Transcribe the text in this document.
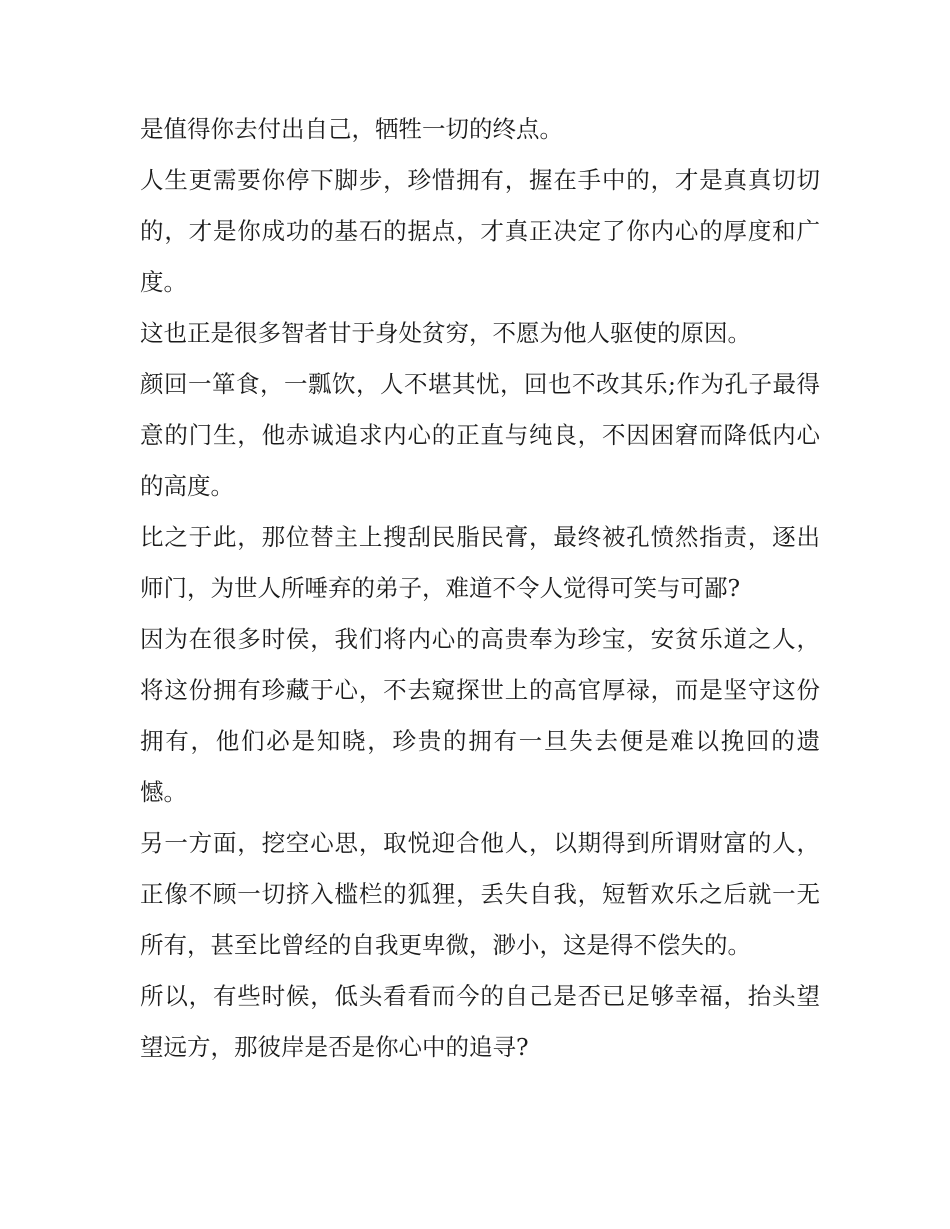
是值得你去付出自己，牺牲一切的终点。

人生更需要你停下脚步，珍惜拥有，握在手中的，才是真真切切的，才是你成功的基石的据点，才真正决定了你内心的厚度和广度。

这也正是很多智者甘于身处贫穷，不愿为他人驱使的原因。

颜回一箪食，一瓢饮，人不堪其忧，回也不改其乐;作为孔子最得意的门生，他赤诚追求内心的正直与纯良，不因困窘而降低内心的高度。

比之于此，那位替主上搜刮民脂民膏，最终被孔愤然指责，逐出师门，为世人所唾弃的弟子，难道不令人觉得可笑与可鄙?

因为在很多时侯，我们将内心的高贵奉为珍宝，安贫乐道之人，将这份拥有珍藏于心，不去窥探世上的高官厚禄，而是坚守这份拥有，他们必是知晓，珍贵的拥有一旦失去便是难以挽回的遗憾。

另一方面，挖空心思，取悦迎合他人，以期得到所谓财富的人，正像不顾一切挤入槛栏的狐狸，丢失自我，短暂欢乐之后就一无所有，甚至比曾经的自我更卑微，渺小，这是得不偿失的。

所以，有些时候，低头看看而今的自己是否已足够幸福，抬头望望远方，那彼岸是否是你心中的追寻?
